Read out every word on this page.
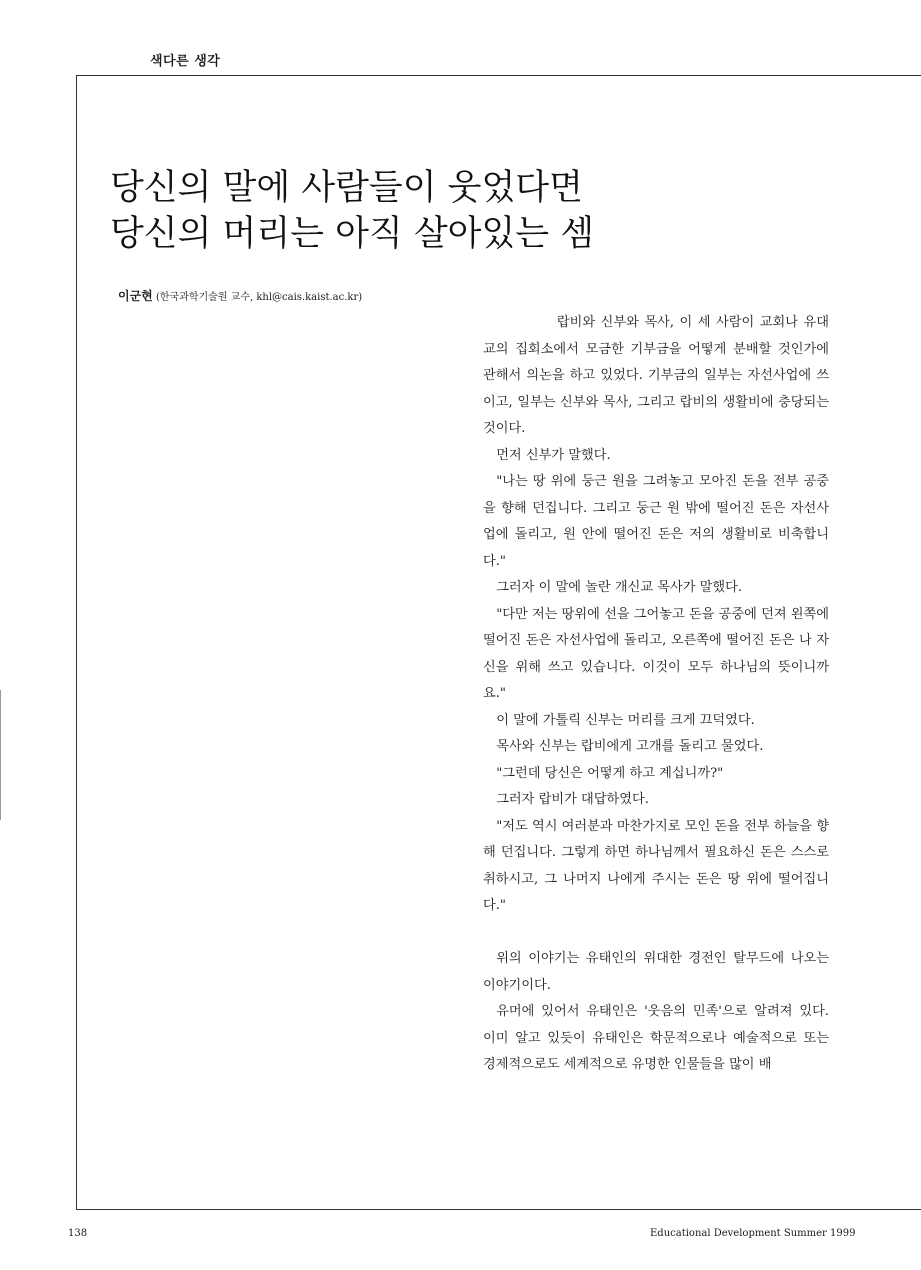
색다른 생각
당신의 말에 사람들이 웃었다면
당신의 머리는 아직 살아있는 셈
이군현 (한국과학기술원 교수, khl@cais.kaist.ac.kr)

랍비와 신부와 목사, 이 세 사람이 교회나 유대교의 집회소에서 모금한 기부금을 어떻게 분배할 것인가에 관해서 의논을 하고 있었다. 기부금의 일부는 자선사업에 쓰이고, 일부는 신부와 목사, 그리고 랍비의 생활비에 충당되는 것이다.

먼저 신부가 말했다.

"나는 땅 위에 둥근 원을 그려놓고 모아진 돈을 전부 공중을 향해 던집니다. 그리고 둥근 원 밖에 떨어진 돈은 자선사업에 돌리고, 원 안에 떨어진 돈은 저의 생활비로 비축합니다."

그러자 이 말에 놀란 개신교 목사가 말했다.

"다만 저는 땅위에 선을 그어놓고 돈을 공중에 던져 왼쪽에 떨어진 돈은 자선사업에 돌리고, 오른쪽에 떨어진 돈은 나 자신을 위해 쓰고 있습니다. 이것이 모두 하나님의 뜻이니까요."

이 말에 가톨릭 신부는 머리를 크게 끄덕였다.

목사와 신부는 랍비에게 고개를 돌리고 물었다.

"그런데 당신은 어떻게 하고 계십니까?"

그러자 랍비가 대답하였다.

"저도 역시 여러분과 마찬가지로 모인 돈을 전부 하늘을 향해 던집니다. 그렇게 하면 하나님께서 필요하신 돈은 스스로 취하시고, 그 나머지 나에게 주시는 돈은 땅 위에 떨어집니다."

위의 이야기는 유태인의 위대한 경전인 탈무드에 나오는 이야기이다.

유머에 있어서 유태인은 '웃음의 민족'으로 알려져 있다. 이미 알고 있듯이 유태인은 학문적으로나 예술적으로 또는 경제적으로도 세계적으로 유명한 인물들을 많이 배

138	Educational Development Summer 1999
